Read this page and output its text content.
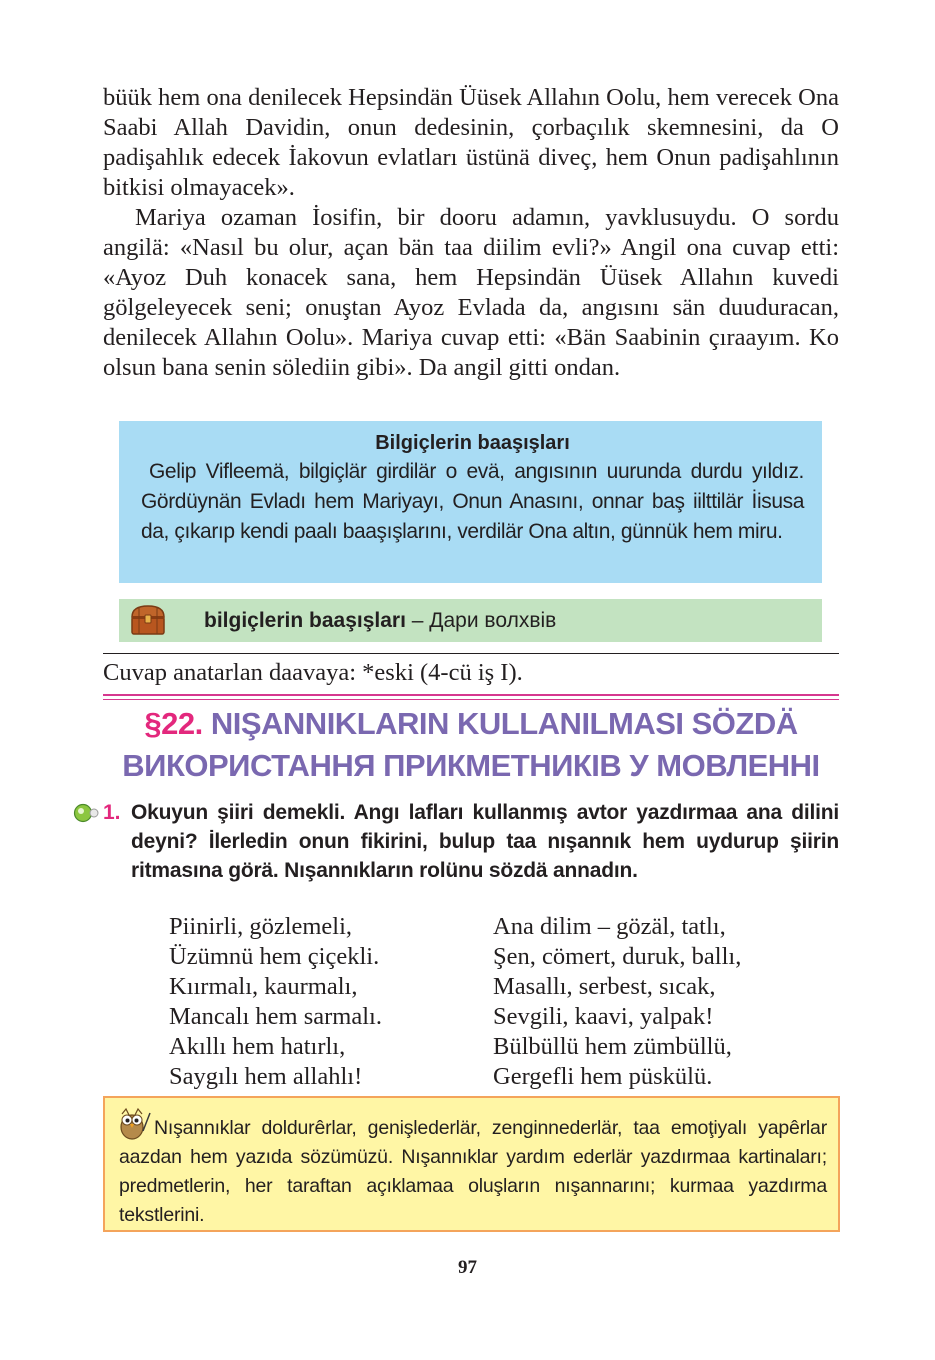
büük hem ona denilecek Hepsindän Üüsek Allahın Oolu, hem verecek Ona Saabi Allah Davidin, onun dedesinin, çorbaçılık skemnesini, da O padişahlık edecek İakovun evlatları üstünä diveç, hem Onun padişahlının bitkisi olmayacek».

Mariya ozaman İosifin, bir dooru adamın, yavklusuydu. O sordu angilä: «Nasıl bu olur, açan bän taa diilim evli?» Angil ona cuvap etti: «Ayoz Duh konacek sana, hem Hepsindän Üüsek Allahın kuvedi gölgeleyecek seni; onuştan Ayoz Evlada da, angısını sän duuduracan, denilecek Allahın Oolu». Mariya cuvap etti: «Bän Saabinin çıraayım. Ko olsun bana senin sölediin gibi». Da angil gitti ondan.

Bilgiçlerin baaşışları
Gelip Vifleemä, bilgiçlär girdilär o evä, angısının uurunda durdu yıldız. Gördüynän Evladı hem Mariyayı, Onun Anasını, onnar baş iilttilär İisusa da, çıkarıp kendi paalı baaşışlarını, verdilär Ona altın, günnük hem miru.
bilgiçlerin baaşışları – Дари волхвів
Cuvap anatarlan daavaya: *eski (4-cü iş I).
§22. NIŞANNIKLARIN KULLANILMASI SÖZDÄ
ВИКОРИСТАННЯ ПРИКМЕТНИКІВ У МОВЛЕННІ
1. Okuyun şiiri demekli. Angı lafları kullanmış avtor yazdırmaa ana dilini deyni? İlerledin onun fikirini, bulup taa nışannık hem uydurup şiirin ritmasına görä. Nışannıkların rolünu sözdä annadın.

Piinirli, gözlemeli,
Üzümnü hem çiçekli.
Kıırmalı, kaurmalı,
Mancalı hem sarmalı.
Akıllı hem hatırlı,
Saygılı hem allahlı!
Ana dilim – gözäl, tatlı,
Şen, cömert, duruk, ballı,
Masallı, serbest, sıcak,
Sevgili, kaavi, yalpak!
Bülbüllü hem zümbüllü,
Gergefli hem püskülü.

Nışannıklar doldurêrlar, genişlederlär, zenginnederlär, taa emoţiyalı yapêrlar aazdan hem yazıda sözümüzü. Nışannıklar yardım ederlär yazdırmaa kartinaları; predmetlerin, her taraftan açıklamaa oluşların nışannarını; kurmaa yazdırma tekstlerini.

97
